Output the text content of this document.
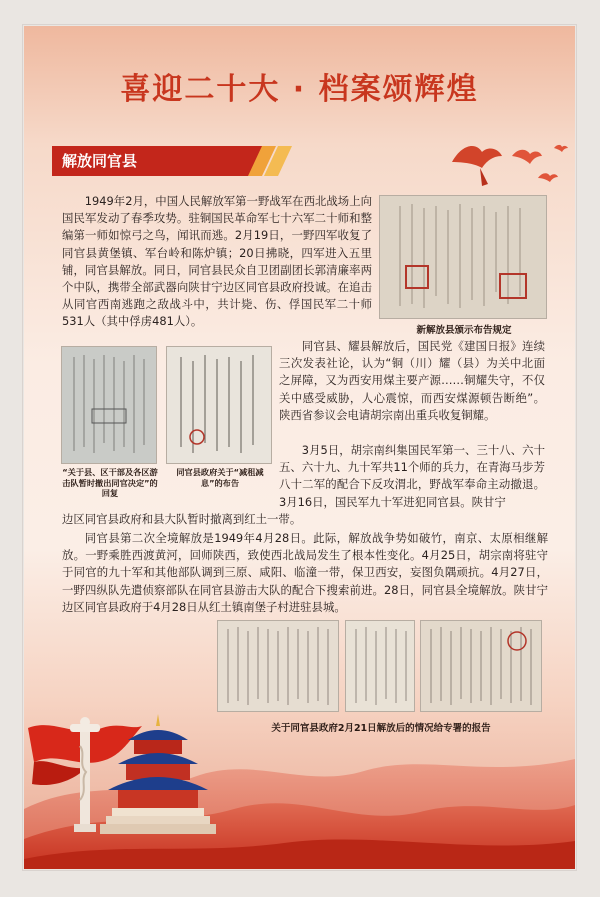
喜迎二十大 · 档案颂辉煌
解放同官县

1949年2月，中国人民解放军第一野战军在西北战场上向国民军发动了春季攻势。驻铜国民革命军七十六军二十师和整编第一师如惊弓之鸟，闻讯而逃。2月19日，一野四军收复了同官县黄堡镇、军台岭和陈炉镇；20日拂晓，四军进入五里铺，同官县解放。同日，同官县民众自卫团副团长郭清廉率两个中队，携带全部武器向陕甘宁边区同官县政府投诚。在追击从同官西南逃跑之敌战斗中，共计毙、伤、俘国民军二十师531人（其中俘虏481人）。

新解放县颁示布告规定
“关于县、区干部及各区游击队暂时撤出同官决定”的回复
同官县政府关于“减租减息”的布告

同官县、耀县解放后，国民党《建国日报》连续三次发表社论，认为“铜（川）耀（县）为关中北面之屏障，又为西安用煤主要产源……铜耀失守，不仅关中感受威胁，人心震惊，而西安煤源顿告断绝”。陕西省参议会电请胡宗南出重兵收复铜耀。

3月5日，胡宗南纠集国民军第一、三十八、六十五、六十九、九十军共11个师的兵力，在青海马步芳八十二军的配合下反攻渭北，野战军奉命主动撤退。3月16日，国民军九十军进犯同官县。陕甘宁

边区同官县政府和县大队暂时撤离到红土一带。

同官县第二次全境解放是1949年4月28日。此际，解放战争势如破竹，南京、太原相继解放。一野乘胜西渡黄河，回师陕西，致使西北战局发生了根本性变化。4月25日，胡宗南将驻守于同官的九十军和其他部队调到三原、咸阳、临潼一带，保卫西安，妄图负隅顽抗。4月27日，一野四纵队先遣侦察部队在同官县游击大队的配合下搜索前进。28日，同官县全境解放。陕甘宁边区同官县政府于4月28日从红土镇南堡子村进驻县城。

关于同官县政府2月21日解放后的情况给专署的报告
